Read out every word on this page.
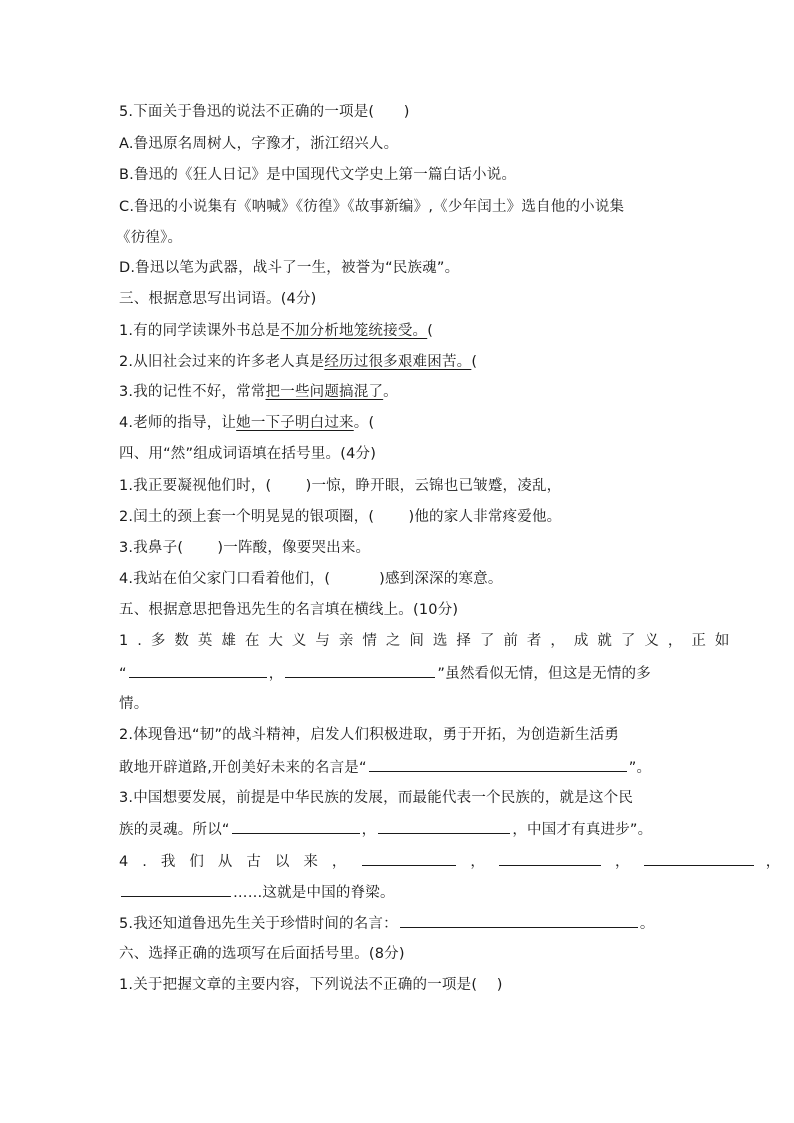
5.下面关于鲁迅的说法不正确的一项是(　　)
A.鲁迅原名周树人，字豫才，浙江绍兴人。
B.鲁迅的《狂人日记》是中国现代文学史上第一篇白话小说。
C.鲁迅的小说集有《呐喊》《彷徨》《故事新编》,《少年闰土》选自他的小说集
《彷徨》。
D.鲁迅以笔为武器，战斗了一生，被誉为“民族魂”。
三、根据意思写出词语。(4分)
1.有的同学读课外书总是不加分析地笼统接受。(
2.从旧社会过来的许多老人真是经历过很多艰难困苦。(
3.我的记性不好，常常把一些问题搞混了。
4.老师的指导，让她一下子明白过来。(
四、用“然”组成词语填在括号里。(4分)
1.我正要凝视他们时，(　　 )一惊，睁开眼，云锦也已皱蹙，凌乱，
2.闰土的颈上套一个明晃晃的银项圈，(　　 )他的家人非常疼爱他。
3.我鼻子(　　 )一阵酸，像要哭出来。
4.我站在伯父家门口看着他们，(　　　 )感到深深的寒意。
五、根据意思把鲁迅先生的名言填在横线上。(10分)
1.多数英雄在大义与亲情之间选择了前者，成就了义，正如
“	，	”虽然看似无情，但这是无情的多
情。
2.体现鲁迅“韧”的战斗精神，启发人们积极进取，勇于开拓，为创造新生活勇
敢地开辟道路,开创美好未来的名言是“	”。
3.中国想要发展，前提是中华民族的发展，而最能代表一个民族的，就是这个民
族的灵魂。所以“	，	，中国才有真进步”。
4.我们从古以来，	，	，	，
……这就是中国的脊梁。
5.我还知道鲁迅先生关于珍惜时间的名言：	。
六、选择正确的选项写在后面括号里。(8分)
1.关于把握文章的主要内容，下列说法不正确的一项是(　 )
